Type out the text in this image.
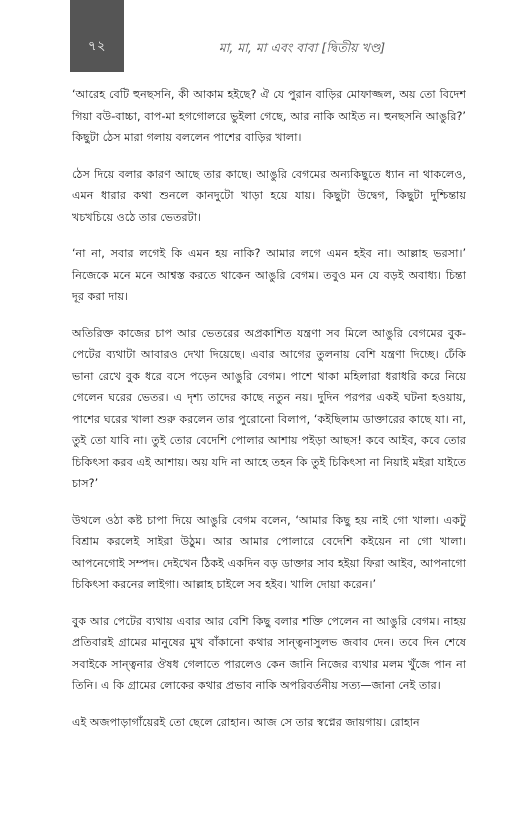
৭২	মা, মা, মা এবং বাবা [দ্বিতীয় খণ্ড]

‘আরেহ বেটি হুনছসনি, কী আকাম হইছে? ঐ যে পুরান বাড়ির মোফাজ্জল, অয় তো বিদেশ গিয়া বউ-বাচ্চা, বাপ-মা হগগোলরে ভুইলা গেছে, আর নাকি আইত ন। হুনছসনি আঙুরি?’ কিছুটা ঠেস মারা গলায় বললেন পাশের বাড়ির খালা।

ঠেস দিয়ে বলার কারণ আছে তার কাছে। আঙুরি বেগমের অন্যকিছুতে ধ্যান না থাকলেও, এমন ধারার কথা শুনলে কানদুটো খাড়া হয়ে যায়। কিছুটা উদ্বেগ, কিছুটা দুশ্চিন্তায় খচখচিয়ে ওঠে তার ভেতরটা।

‘না না, সবার লগেই কি এমন হয় নাকি? আমার লগে এমন হইব না। আল্লাহ ভরসা।’ নিজেকে মনে মনে আশ্বস্ত করতে থাকেন আঙুরি বেগম। তবুও মন যে বড়ই অবাধ্য। চিন্তা দূর করা দায়।

অতিরিক্ত কাজের চাপ আর ভেতরের অপ্রকাশিত যন্ত্রণা সব মিলে আঙুরি বেগমের বুক-পেটের ব্যথাটা আবারও দেখা দিয়েছে। এবার আগের তুলনায় বেশি যন্ত্রণা দিচ্ছে। ঢেঁকি ভানা রেখে বুক ধরে বসে পড়েন আঙুরি বেগম। পাশে থাকা মহিলারা ধরাধরি করে নিয়ে গেলেন ঘরের ভেতর। এ দৃশ্য তাদের কাছে নতুন নয়। দুদিন পরপর একই ঘটনা হওয়ায়, পাশের ঘরের খালা শুরু করলেন তার পুরোনো বিলাপ, ‘কইছিলাম ডাক্তারের কাছে যা। না, তুই তো যাবি না। তুই তোর বেদেশি পোলার আশায় পইড়া আছস! কবে আইব, কবে তোর চিকিৎসা করব এই আশায়। অয় যদি না আহে তহন কি তুই চিকিৎসা না নিয়াই মইরা যাইতে চাস?’

উথলে ওঠা কষ্ট চাপা দিয়ে আঙুরি বেগম বলেন, ‘আমার কিছু হয় নাই গো খালা। একটু বিশ্রাম করলেই সাইরা উঠুম। আর আমার পোলারে বেদেশি কইয়েন না গো খালা। আপনেগোই সম্পদ। দেইখেন ঠিকই একদিন বড় ডাক্তার সাব হইয়া ফিরা আইব, আপনাগো চিকিৎসা করনের লাইগা। আল্লাহ চাইলে সব হইব। খালি দোয়া করেন।’

বুক আর পেটের ব্যথায় এবার আর বেশি কিছু বলার শক্তি পেলেন না আঙুরি বেগম। নাহয় প্রতিবারই গ্রামের মানুষের মুখ বাঁকানো কথার সান্ত্বনাসুলভ জবাব দেন। তবে দিন শেষে সবাইকে সান্ত্বনার ঔষধ গেলাতে পারলেও কেন জানি নিজের ব্যথার মলম খুঁজে পান না তিনি। এ কি গ্রামের লোকের কথার প্রভাব নাকি অপরিবর্তনীয় সত্য—জানা নেই তার।

এই অজপাড়াগাঁয়েরই তো ছেলে রোহান। আজ সে তার স্বপ্নের জায়গায়। রোহান
